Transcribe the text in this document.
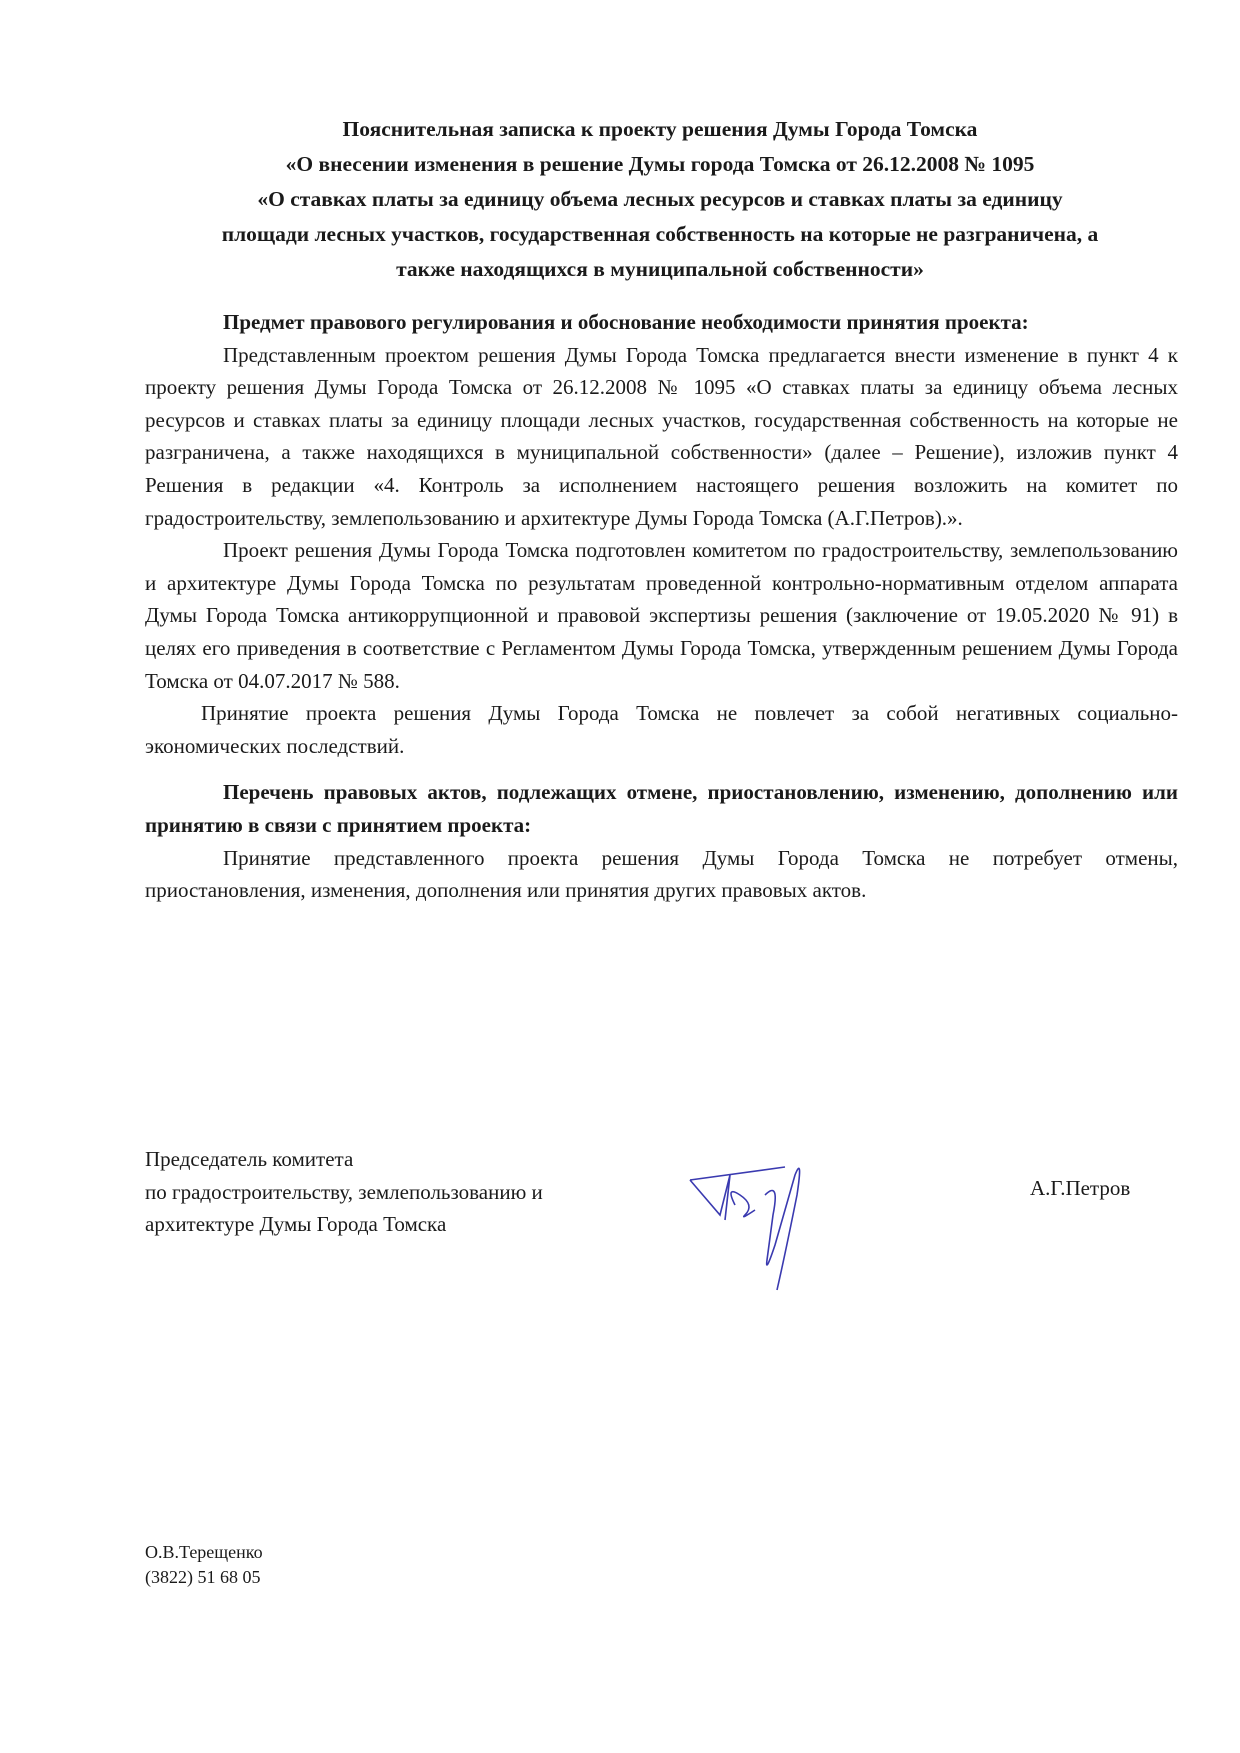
Пояснительная записка к проекту решения Думы Города Томска
«О внесении изменения в решение Думы города Томска от 26.12.2008 № 1095
«О ставках платы за единицу объема лесных ресурсов и ставках платы за единицу
площади лесных участков, государственная собственность на которые не разграничена, а
также находящихся в муниципальной собственности»

Предмет правового регулирования и обоснование необходимости принятия проекта:

Представленным проектом решения Думы Города Томска предлагается внести изменение в пункт 4 к проекту решения Думы Города Томска от 26.12.2008 № 1095 «О ставках платы за единицу объема лесных ресурсов и ставках платы за единицу площади лесных участков, государственная собственность на которые не разграничена, а также находящихся в муниципальной собственности» (далее – Решение), изложив пункт 4 Решения в редакции «4. Контроль за исполнением настоящего решения возложить на комитет по градостроительству, землепользованию и архитектуре Думы Города Томска (А.Г.Петров).».

Проект решения Думы Города Томска подготовлен комитетом по градостроительству, землепользованию и архитектуре Думы Города Томска по результатам проведенной контрольно-нормативным отделом аппарата Думы Города Томска антикоррупционной и правовой экспертизы решения (заключение от 19.05.2020 № 91) в целях его приведения в соответствие с Регламентом Думы Города Томска, утвержденным решением Думы Города Томска от 04.07.2017 № 588.

Принятие проекта решения Думы Города Томска не повлечет за собой негативных социально-экономических последствий.

Перечень правовых актов, подлежащих отмене, приостановлению, изменению, дополнению или принятию в связи с принятием проекта:

Принятие представленного проекта решения Думы Города Томска не потребует отмены, приостановления, изменения, дополнения или принятия других правовых актов.

Председатель комитета
по градостроительству, землепользованию и
архитектуре Думы Города Томска
А.Г.Петров
О.В.Терещенко
(3822) 51 68 05
